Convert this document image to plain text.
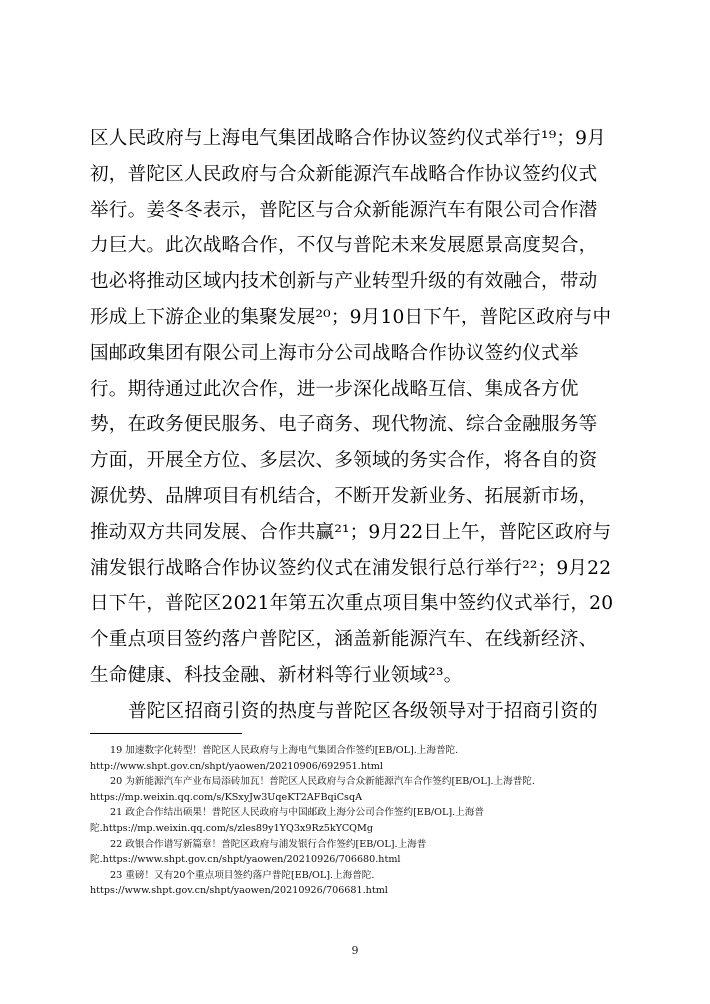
区人民政府与上海电气集团战略合作协议签约仪式举行¹⁹；9月
初，普陀区人民政府与合众新能源汽车战略合作协议签约仪式
举行。姜冬冬表示，普陀区与合众新能源汽车有限公司合作潜
力巨大。此次战略合作，不仅与普陀未来发展愿景高度契合，
也必将推动区域内技术创新与产业转型升级的有效融合，带动
形成上下游企业的集聚发展²⁰；9月10日下午，普陀区政府与中
国邮政集团有限公司上海市分公司战略合作协议签约仪式举
行。期待通过此次合作，进一步深化战略互信、集成各方优
势，在政务便民服务、电子商务、现代物流、综合金融服务等
方面，开展全方位、多层次、多领域的务实合作，将各自的资
源优势、品牌项目有机结合，不断开发新业务、拓展新市场，
推动双方共同发展、合作共赢²¹；9月22日上午，普陀区政府与
浦发银行战略合作协议签约仪式在浦发银行总行举行²²；9月22
日下午，普陀区2021年第五次重点项目集中签约仪式举行，20
个重点项目签约落户普陀区，涵盖新能源汽车、在线新经济、
生命健康、科技金融、新材料等行业领域²³。
普陀区招商引资的热度与普陀区各级领导对于招商引资的
19 加速数字化转型！普陀区人民政府与上海电气集团合作签约[EB/OL].上海普陀.
http://www.shpt.gov.cn/shpt/yaowen/20210906/692951.html
20 为新能源汽车产业布局添砖加瓦！普陀区人民政府与合众新能源汽车合作签约[EB/OL].上海普陀.
https://mp.weixin.qq.com/s/KSxyJw3UqeKT2AFBqiCsqA
21 政企合作结出硕果！普陀区人民政府与中国邮政上海分公司合作签约[EB/OL].上海普
陀.https://mp.weixin.qq.com/s/zles89y1YQ3x9Rz5kYCQMg
22 政银合作谱写新篇章！普陀区政府与浦发银行合作签约[EB/OL].上海普
陀.https://www.shpt.gov.cn/shpt/yaowen/20210926/706680.html
23 重磅！又有20个重点项目签约落户普陀[EB/OL].上海普陀.
https://www.shpt.gov.cn/shpt/yaowen/20210926/706681.html
9
